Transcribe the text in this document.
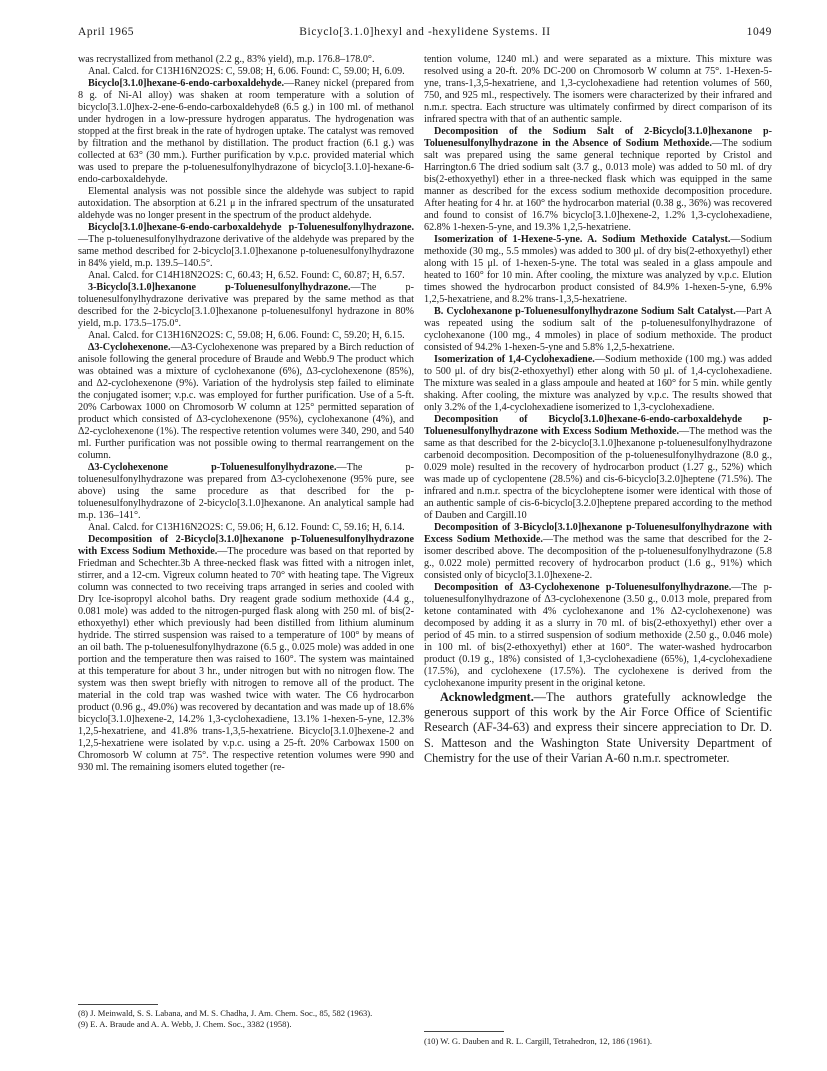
April 1965	Bicyclo[3.1.0]hexyl and -hexylidene Systems. II	1049

was recrystallized from methanol (2.2 g., 83% yield), m.p. 176.8–178.0°.

Anal. Calcd. for C13H16N2O2S: C, 59.08; H, 6.06. Found: C, 59.00; H, 6.09.

Bicyclo[3.1.0]hexane-6-endo-carboxaldehyde.—Raney nickel (prepared from 8 g. of Ni-Al alloy) was shaken at room temperature with a solution of bicyclo[3.1.0]hex-2-ene-6-endo-carboxaldehyde8 (6.5 g.) in 100 ml. of methanol under hydrogen in a low-pressure hydrogen apparatus. The hydrogenation was stopped at the first break in the rate of hydrogen uptake. The catalyst was removed by filtration and the methanol by distillation. The product fraction (6.1 g.) was collected at 63° (30 mm.). Further purification by v.p.c. provided material which was used to prepare the p-toluenesulfonylhydrazone of bicyclo[3.1.0]-hexane-6-endo-carboxaldehyde.

Elemental analysis was not possible since the aldehyde was subject to rapid autoxidation. The absorption at 6.21 μ in the infrared spectrum of the unsaturated aldehyde was no longer present in the spectrum of the product aldehyde.

Bicyclo[3.1.0]hexane-6-endo-carboxaldehyde p-Toluenesulfonylhydrazone.—The p-toluenesulfonylhydrazone derivative of the aldehyde was prepared by the same method described for 2-bicyclo[3.1.0]hexanone p-toluenesulfonylhydrazone in 84% yield, m.p. 139.5–140.5°.

Anal. Calcd. for C14H18N2O2S: C, 60.43; H, 6.52. Found: C, 60.87; H, 6.57.

3-Bicyclo[3.1.0]hexanone p-Toluenesulfonylhydrazone.—The p-toluenesulfonylhydrazone derivative was prepared by the same method as that described for the 2-bicyclo[3.1.0]hexanone p-toluenesulfonyl hydrazone in 80% yield, m.p. 173.5–175.0°.

Anal. Calcd. for C13H16N2O2S: C, 59.08; H, 6.06. Found: C, 59.20; H, 6.15.

Δ3-Cyclohexenone.—Δ3-Cyclohexenone was prepared by a Birch reduction of anisole following the general procedure of Braude and Webb.9 The product which was obtained was a mixture of cyclohexanone (6%), Δ3-cyclohexenone (85%), and Δ2-cyclohexenone (9%). Variation of the hydrolysis step failed to eliminate the conjugated isomer; v.p.c. was employed for further purification. Use of a 5-ft. 20% Carbowax 1000 on Chromosorb W column at 125° permitted separation of product which consisted of Δ3-cyclohexenone (95%), cyclohexanone (4%), and Δ2-cyclohexenone (1%). The respective retention volumes were 340, 290, and 540 ml. Further purification was not possible owing to thermal rearrangement on the column.

Δ3-Cyclohexenone p-Toluenesulfonylhydrazone.—The p-toluenesulfonylhydrazone was prepared from Δ3-cyclohexenone (95% pure, see above) using the same procedure as that described for the p-toluenesulfonylhydrazone of 2-bicyclo[3.1.0]hexanone. An analytical sample had m.p. 136–141°.

Anal. Calcd. for C13H16N2O2S: C, 59.06; H, 6.12. Found: C, 59.16; H, 6.14.

Decomposition of 2-Bicyclo[3.1.0]hexanone p-Toluenesulfonylhydrazone with Excess Sodium Methoxide.—The procedure was based on that reported by Friedman and Schechter.3b A three-necked flask was fitted with a nitrogen inlet, stirrer, and a 12-cm. Vigreux column heated to 70° with heating tape. The Vigreux column was connected to two receiving traps arranged in series and cooled with Dry Ice-isopropyl alcohol baths. Dry reagent grade sodium methoxide (4.4 g., 0.081 mole) was added to the nitrogen-purged flask along with 250 ml. of bis(2-ethoxyethyl) ether which previously had been distilled from lithium aluminum hydride. The stirred suspension was raised to a temperature of 100° by means of an oil bath. The p-toluenesulfonylhydrazone (6.5 g., 0.025 mole) was added in one portion and the temperature then was raised to 160°. The system was maintained at this temperature for about 3 hr., under nitrogen but with no nitrogen flow. The system was then swept briefly with nitrogen to remove all of the product. The material in the cold trap was washed twice with water. The C6 hydrocarbon product (0.96 g., 49.0%) was recovered by decantation and was made up of 18.6% bicyclo[3.1.0]hexene-2, 14.2% 1,3-cyclohexadiene, 13.1% 1-hexen-5-yne, 12.3% 1,2,5-hexatriene, and 41.8% trans-1,3,5-hexatriene. Bicyclo[3.1.0]hexene-2 and 1,2,5-hexatriene were isolated by v.p.c. using a 25-ft. 20% Carbowax 1500 on Chromosorb W column at 75°. The respective retention volumes were 990 and 930 ml. The remaining isomers eluted together (re-

tention volume, 1240 ml.) and were separated as a mixture. This mixture was resolved using a 20-ft. 20% DC-200 on Chromosorb W column at 75°. 1-Hexen-5-yne, trans-1,3,5-hexatriene, and 1,3-cyclohexadiene had retention volumes of 560, 750, and 925 ml., respectively. The isomers were characterized by their infrared and n.m.r. spectra. Each structure was ultimately confirmed by direct comparison of its infrared spectra with that of an authentic sample.

Decomposition of the Sodium Salt of 2-Bicyclo[3.1.0]hexanone p-Toluenesulfonylhydrazone in the Absence of Sodium Methoxide.—The sodium salt was prepared using the same general technique reported by Cristol and Harrington.6 The dried sodium salt (3.7 g., 0.013 mole) was added to 50 ml. of dry bis(2-ethoxyethyl) ether in a three-necked flask which was equipped in the same manner as described for the excess sodium methoxide decomposition procedure. After heating for 4 hr. at 160° the hydrocarbon material (0.38 g., 36%) was recovered and found to consist of 16.7% bicyclo[3.1.0]hexene-2, 1.2% 1,3-cyclohexadiene, 62.8% 1-hexen-5-yne, and 19.3% 1,2,5-hexatriene.

Isomerization of 1-Hexene-5-yne. A. Sodium Methoxide Catalyst.—Sodium methoxide (30 mg., 5.5 mmoles) was added to 300 μl. of dry bis(2-ethoxyethyl) ether along with 15 μl. of 1-hexen-5-yne. The total was sealed in a glass ampoule and heated to 160° for 10 min. After cooling, the mixture was analyzed by v.p.c. Elution times showed the hydrocarbon product consisted of 84.9% 1-hexen-5-yne, 6.9% 1,2,5-hexatriene, and 8.2% trans-1,3,5-hexatriene.

B. Cyclohexanone p-Toluenesulfonylhydrazone Sodium Salt Catalyst.—Part A was repeated using the sodium salt of the p-toluenesulfonylhydrazone of cyclohexanone (100 mg., 4 mmoles) in place of sodium methoxide. The product consisted of 94.2% 1-hexen-5-yne and 5.8% 1,2,5-hexatriene.

Isomerization of 1,4-Cyclohexadiene.—Sodium methoxide (100 mg.) was added to 500 μl. of dry bis(2-ethoxyethyl) ether along with 50 μl. of 1,4-cyclohexadiene. The mixture was sealed in a glass ampoule and heated at 160° for 5 min. while gently shaking. After cooling, the mixture was analyzed by v.p.c. The results showed that only 3.2% of the 1,4-cyclohexadiene isomerized to 1,3-cyclohexadiene.

Decomposition of Bicyclo[3.1.0]hexane-6-endo-carboxaldehyde p-Toluenesulfonylhydrazone with Excess Sodium Methoxide.—The method was the same as that described for the 2-bicyclo[3.1.0]hexanone p-toluenesulfonylhydrazone carbenoid decomposition. Decomposition of the p-toluenesulfonylhydrazone (8.0 g., 0.029 mole) resulted in the recovery of hydrocarbon product (1.27 g., 52%) which was made up of cyclopentene (28.5%) and cis-6-bicyclo[3.2.0]heptene (71.5%). The infrared and n.m.r. spectra of the bicycloheptene isomer were identical with those of an authentic sample of cis-6-bicyclo[3.2.0]heptene prepared according to the method of Dauben and Cargill.10

Decomposition of 3-Bicyclo[3.1.0]hexanone p-Toluenesulfonylhydrazone with Excess Sodium Methoxide.—The method was the same that described for the 2-isomer described above. The decomposition of the p-toluenesulfonylhydrazone (5.8 g., 0.022 mole) permitted recovery of hydrocarbon product (1.6 g., 91%) which consisted only of bicyclo[3.1.0]hexene-2.

Decomposition of Δ3-Cyclohexenone p-Toluenesulfonylhydrazone.—The p-toluenesulfonylhydrazone of Δ3-cyclohexenone (3.50 g., 0.013 mole, prepared from ketone contaminated with 4% cyclohexanone and 1% Δ2-cyclohexenone) was decomposed by adding it as a slurry in 70 ml. of bis(2-ethoxyethyl) ether over a period of 45 min. to a stirred suspension of sodium methoxide (2.50 g., 0.046 mole) in 100 ml. of bis(2-ethoxyethyl) ether at 160°. The water-washed hydrocarbon product (0.19 g., 18%) consisted of 1,3-cyclohexadiene (65%), 1,4-cyclohexadiene (17.5%), and cyclohexene (17.5%). The cyclohexene is derived from the cyclohexanone impurity present in the original ketone.

Acknowledgment.—The authors gratefully acknowledge the generous support of this work by the Air Force Office of Scientific Research (AF-34-63) and express their sincere appreciation to Dr. D. S. Matteson and the Washington State University Department of Chemistry for the use of their Varian A-60 n.m.r. spectrometer.

(8) J. Meinwald, S. S. Labana, and M. S. Chadha, J. Am. Chem. Soc., 85, 582 (1963).
(9) E. A. Braude and A. A. Webb, J. Chem. Soc., 3382 (1958).
(10) W. G. Dauben and R. L. Cargill, Tetrahedron, 12, 186 (1961).
